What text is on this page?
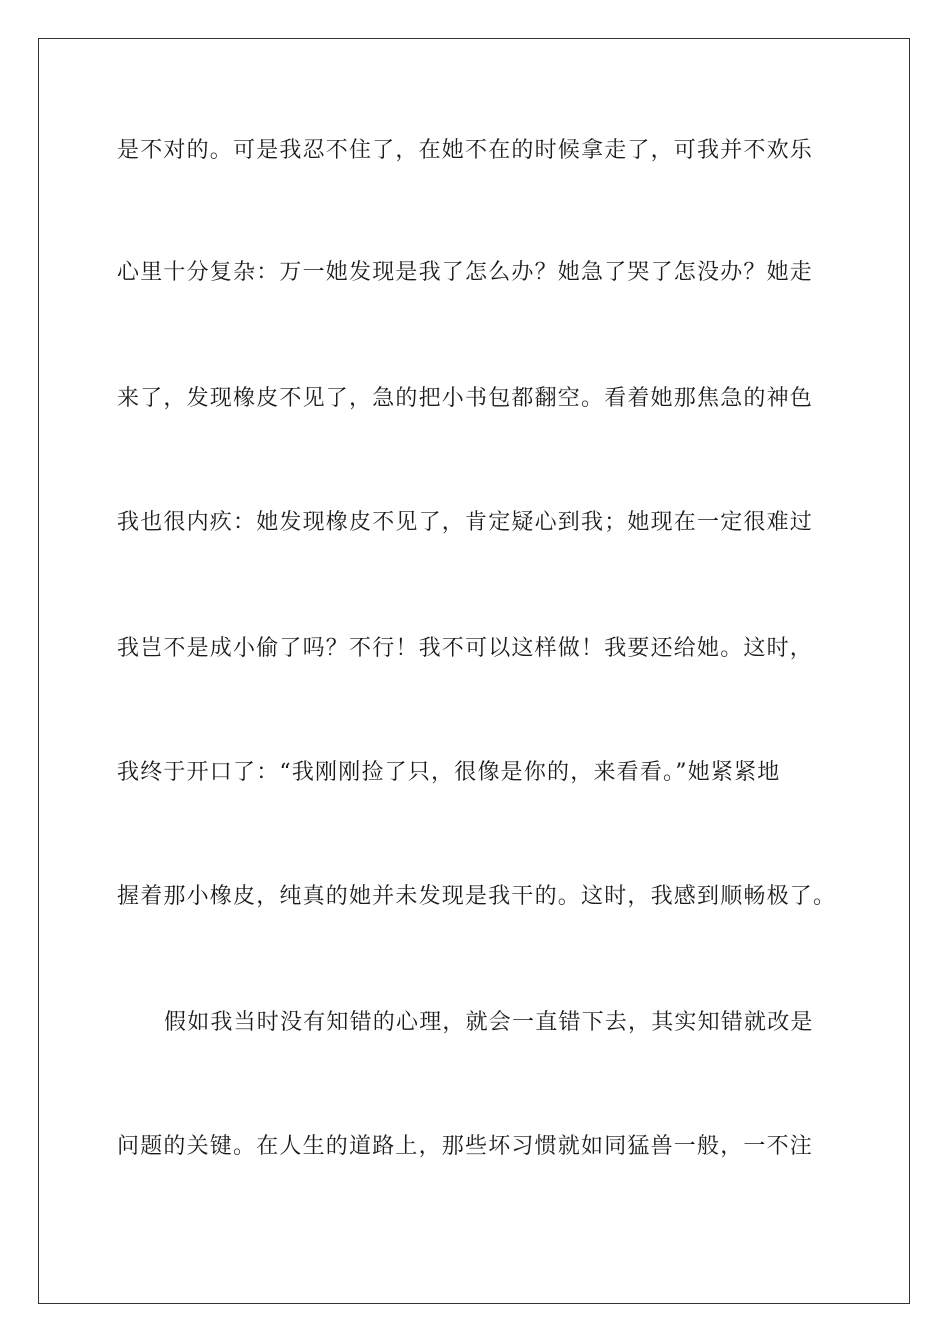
是不对的。可是我忍不住了，在她不在的时候拿走了，可我并不欢乐
心里十分复杂：万一她发现是我了怎么办？她急了哭了怎没办？她走
来了，发现橡皮不见了，急的把小书包都翻空。看着她那焦急的神色
我也很内疚：她发现橡皮不见了，肯定疑心到我；她现在一定很难过
我岂不是成小偷了吗？不行！我不可以这样做！我要还给她。这时，
我终于开口了：“我刚刚捡了只，很像是你的，来看看。”她紧紧地
握着那小橡皮，纯真的她并未发现是我干的。这时，我感到顺畅极了。
假如我当时没有知错的心理，就会一直错下去，其实知错就改是
问题的关键。在人生的道路上，那些坏习惯就如同猛兽一般，一不注
